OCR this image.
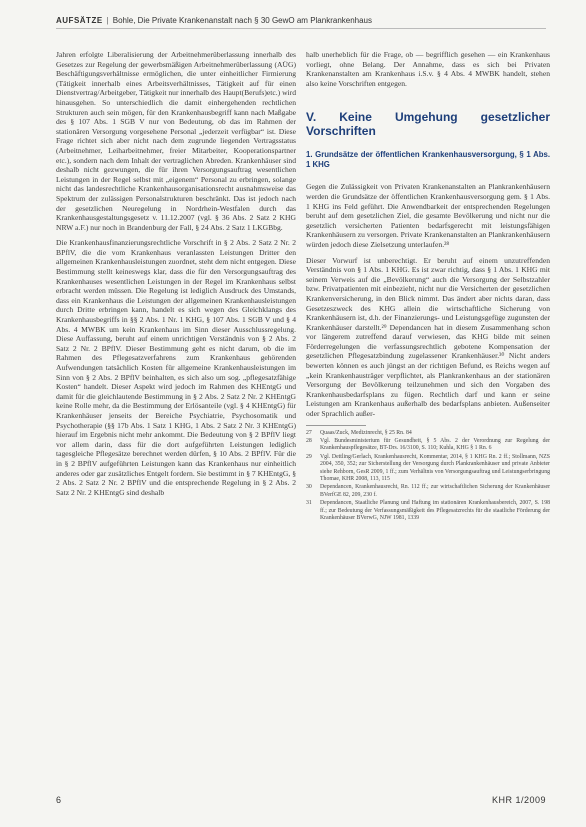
AUFSÄTZE | Bohle, Die Private Krankenanstalt nach § 30 GewO am Plankrankenhaus

Jahren erfolgte Liberalisierung der Arbeitnehmerüberlassung innerhalb des Gesetzes zur Regelung der gewerbsmäßigen Arbeitnehmerüberlassung (AÜG) Beschäftigungsverhältnisse ermöglichen, die unter einheitlicher Firmierung (Tätigkeit innerhalb eines Arbeitsverhältnisses, Tätigkeit auf für einen Dienstvertrag/Arbeitgeber, Tätigkeit nur innerhalb des Haupt(Berufs)etc.) wird hinausgehen. So unterschiedlich die damit einhergehenden rechtlichen Strukturen auch sein mögen, für den Krankenhausbegriff kann nach Maßgabe des § 107 Abs. 1 SGB V nur von Bedeutung, ob das im Rahmen der stationären Versorgung vorgesehene Personal „jederzeit verfügbar“ ist. Diese Frage richtet sich aber nicht nach dem zugrunde liegenden Vertragsstatus (Arbeitnehmer, Leiharbeitnehmer, freier Mitarbeiter, Kooperationspartner etc.), sondern nach dem Inhalt der vertraglichen Abreden. Krankenhäuser sind deshalb nicht gezwungen, die für ihren Versorgungsauftrag wesentlichen Leistungen in der Regel selbst mit „eigenem“ Personal zu erbringen, solange nicht das landesrechtliche Krankenhausorganisationsrecht ausnahmsweise das Spektrum der zulässigen Personalstrukturen beschränkt. Das ist jedoch nach der gesetzlichen Neuregelung in Nordrhein-Westfalen durch das Krankenhausgestaltungsgesetz v. 11.12.2007 (vgl. § 36 Abs. 2 Satz 2 KHG NRW a.F.) nur noch in Brandenburg der Fall, § 24 Abs. 2 Satz 1 LKGBbg.

Die Krankenhausfinanzierungsrechtliche Vorschrift in § 2 Abs. 2 Satz 2 Nr. 2 BPflV, die die vom Krankenhaus veranlassten Leistungen Dritter den allgemeinen Krankenhausleistungen zuordnet, steht dem nicht entgegen. Diese Bestimmung stellt keineswegs klar, dass die für den Versorgungsauftrag des Krankenhauses wesentlichen Leistungen in der Regel im Krankenhaus selbst erbracht werden müssen. Die Regelung ist lediglich Ausdruck des Umstands, dass ein Krankenhaus die Leistungen der allgemeinen Krankenhausleistungen durch Dritte erbringen kann, handelt es sich wegen des Gleichklangs des Krankenhausbegriffs in §§ 2 Abs. 1 Nr. 1 KHG, § 107 Abs. 1 SGB V und § 4 Abs. 4 MWBK um kein Krankenhaus im Sinn dieser Ausschlussregelung. Diese Auffassung, beruht auf einem unrichtigen Verständnis von § 2 Abs. 2 Satz 2 Nr. 2 BPflV. Dieser Bestimmung geht es nicht darum, ob die im Rahmen des Pflegesatzverfahrens zum Krankenhaus gehörenden Aufwendungen tatsächlich Kosten für allgemeine Krankenhausleistungen im Sinn von § 2 Abs. 2 BPflV beinhalten, es sich also um sog. „pflegesatzfähige Kosten“ handelt. Dieser Aspekt wird jedoch im Rahmen des KHEntgG und damit für die gleichlautende Bestimmung in § 2 Abs. 2 Satz 2 Nr. 2 KHEntgG keine Rolle mehr, da die Bestimmung der Erlösanteile (vgl. § 4 KHEntgG) für Krankenhäuser jenseits der Bereiche Psychiatrie, Psychosomatik und Psychotherapie (§§ 17b Abs. 1 Satz 1 KHG, 1 Abs. 2 Satz 2 Nr. 3 KHEntgG) hierauf im Ergebnis nicht mehr ankommt. Die Bedeutung von § 2 BPflV liegt vor allem darin, dass für die dort aufgeführten Leistungen lediglich tagesgleiche Pflegesätze berechnet werden dürfen, § 10 Abs. 2 BPflV. Für die in § 2 BPflV aufgeführten Leistungen kann das Krankenhaus nur einheitlich anderes oder gar zusätzliches Entgelt fordern. Sie bestimmt in § 7 KHEntgG, § 2 Abs. 2 Satz 2 Nr. 2 BPflV und die entsprechende Regelung in § 2 Abs. 2 Satz 2 Nr. 2 KHEntgG sind deshalb

halb unerheblich für die Frage, ob — begrifflich gesehen — ein Krankenhaus vorliegt, ohne Belang. Der Annahme, dass es sich bei Privaten Krankenanstalten am Krankenhaus i.S.v. § 4 Abs. 4 MWBK handelt, stehen also keine Vorschriften entgegen.

V. Keine Umgehung gesetzlicher Vorschriften
1. Grundsätze der öffentlichen Krankenhausversorgung, § 1 Abs. 1 KHG

Gegen die Zulässigkeit von Privaten Krankenanstalten an Plankrankenhäusern werden die Grundsätze der öffentlichen Krankenhausversorgung gem. § 1 Abs. 1 KHG ins Feld geführt. Die Anwendbarkeit der entsprechenden Regelungen beruht auf dem gesetzlichen Ziel, die gesamte Bevölkerung und nicht nur die gesetzlich versicherten Patienten bedarfsgerecht mit leistungsfähigen Krankenhäusern zu versorgen. Private Krankenanstalten an Plankrankenhäusern würden jedoch diese Zielsetzung unterlaufen.²⁸

Dieser Vorwurf ist unberechtigt. Er beruht auf einem unzutreffenden Verständnis von § 1 Abs. 1 KHG. Es ist zwar richtig, dass § 1 Abs. 1 KHG mit seinem Verweis auf die „Bevölkerung“ auch die Versorgung der Selbstzahler bzw. Privatpatienten mit einbezieht, nicht nur die Versicherten der gesetzlichen Krankenversicherung, in den Blick nimmt. Das ändert aber nichts daran, dass Gesetzeszweck des KHG allein die wirtschaftliche Sicherung von Krankenhäusern ist, d.h. der Finanzierungs- und Leistungsgefüge zugunsten der Krankenhäuser darstellt.²⁹ Dependancen hat in diesem Zusammenhang schon vor längerem zutreffend darauf verwiesen, das KHG bilde mit seinen Förderregelungen die verfassungsrechtlich gebotene Kompensation der gesetzlichen Pflegesatzbindung zugelassener Krankenhäuser.³⁰ Nicht anders bewerten können es auch jüngst an der richtigen Befund, es Reichs wegen auf „kein Krankenhausträger verpflichtet, als Plankrankenhaus an der stationären Versorgung der Bevölkerung teilzunehmen und sich den Vorgaben des Krankenhausbedarfsplans zu fügen. Rechtlich darf und kann er seine Leistungen am Krankenhaus außerhalb des bedarfsplans anbieten. Außenseiter oder Sprachlich außer-

27	Quaas/Zuck, Medizinrecht, § 25 Rn. 84
28	Vgl. Bundesministerium für Gesundheit, § 5 Abs. 2 der Verordnung zur Regelung der Krankenhauspflegesätze, BT-Drs. 16/3100, S. 110; Kuhla, KHG § 1 Rn. 6
29	Vgl. Dettling/Gerlach, Krankenhausrecht, Kommentar, 2014, § 1 KHG Rn. 2 ff.; Stollmann, NZS 2004, 350, 352; zur Sicherstellung der Versorgung durch Plankrankenhäuser und private Anbieter siehe Rehborn, GesR 2009, 1 ff.; zum Verhältnis von Versorgungsauftrag und Leistungserbringung Thomae, KHR 2008, 113, 115
30	Dependancen, Krankenhausrecht, Rn. 112 ff.; zur wirtschaftlichen Sicherung der Krankenhäuser BVerfGE 82, 209, 230 f.
31	Dependancen, Staatliche Planung und Haftung im stationären Krankenhausbereich, 2007, S. 198 ff.; zur Bedeutung der Verfassungsmäßigkeit des Pflegesatzrechts für die staatliche Förderung der Krankenhäuser BVerwG, NJW 1981, 1339
6	KHR 1/2009
